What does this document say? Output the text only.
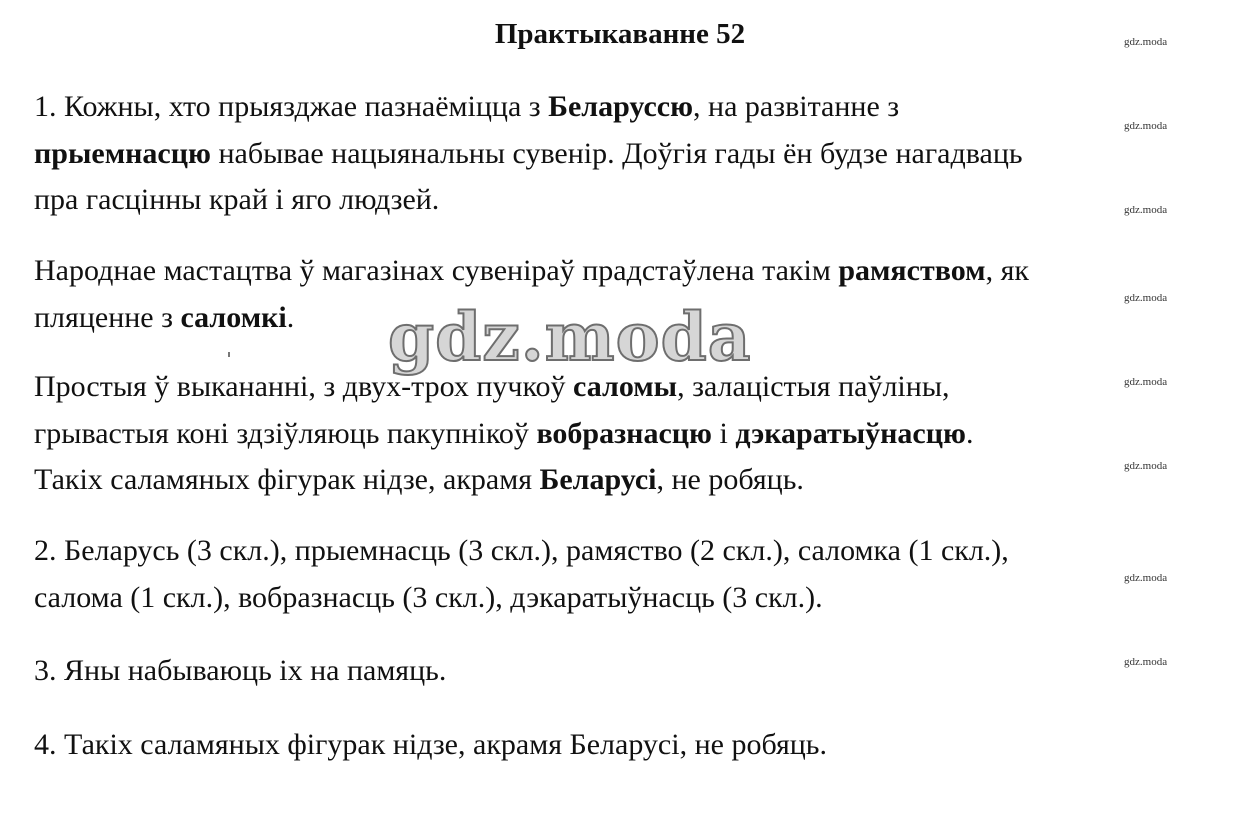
Практыкаванне 52

1. Кожны, хто прыязджае пазнаёміцца з Беларуссю, на развітанне з
прыемнасцю набывае нацыянальны сувенір. Доўгія гады ён будзе нагадваць
пра гасцінны край і яго людзей.

Народнае мастацтва ў магазінах сувеніраў прадстаўлена такім рамяством, як
пляценне з саломкі.

Простыя ў выкананні, з двух-трох пучкоў саломы, залацістыя паўліны,
грывастыя коні здзіўляюць пакупнікоў вобразнасцю і дэкаратыўнасцю.
Такіх саламяных фігурак нідзе, акрамя Беларусі, не робяць.

2. Беларусь (3 скл.), прыемнасць (3 скл.), рамяство (2 скл.), саломка (1 скл.),
салома (1 скл.), вобразнасць (3 скл.), дэкаратыўнасць (3 скл.).

3. Яны набываюць іх на памяць.

4. Такіх саламяных фігурак нідзе, акрамя Беларусі, не робяць.

gdz.moda
gdz.moda
gdz.moda
gdz.moda
gdz.moda
gdz.moda
gdz.moda
gdz.moda
gdz.moda
